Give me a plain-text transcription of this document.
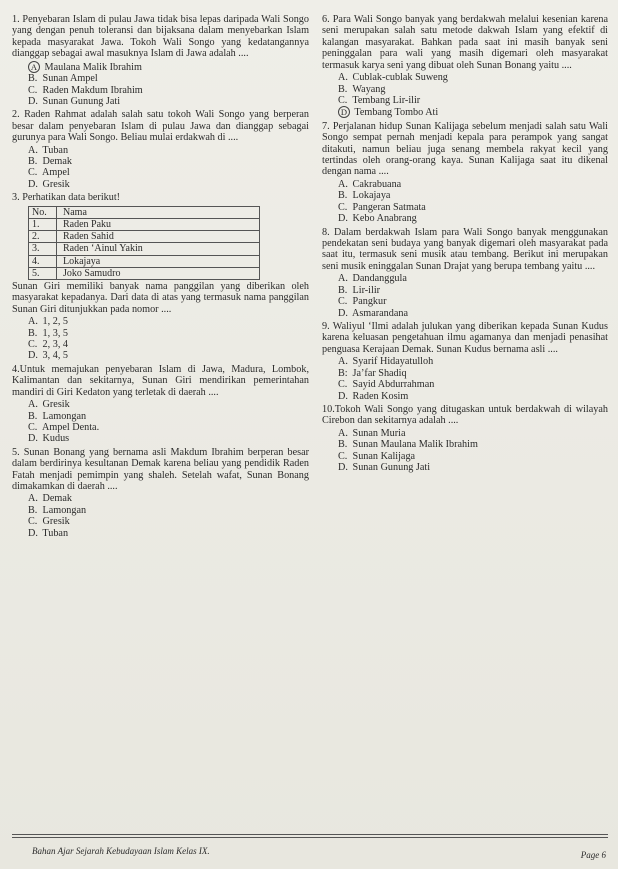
1. Penyebaran Islam di pulau Jawa tidak bisa lepas daripada Wali Songo yang dengan penuh toleransi dan bijaksana dalam menyebarkan Islam kepada masyarakat Jawa. Tokoh Wali Songo yang kedatangannya dianggap sebagai awal masuknya Islam di Jawa adalah ....
A Maulana Malik Ibrahim
B. Sunan Ampel
C. Raden Makdum Ibrahim
D. Sunan Gunung Jati
2. Raden Rahmat adalah salah satu tokoh Wali Songo yang berperan besar dalam penyebaran Islam di pulau Jawa dan dianggap sebagai gurunya para Wali Songo. Beliau mulai erdakwah di ....
A. Tuban
B. Demak
C. Ampel
D. Gresik
3. Perhatikan data berikut!
No.	Nama
1.	Raden Paku
2.	Raden Sahid
3.	Raden ‘Ainul Yakin
4.	Lokajaya
5.	Joko Samudro
Sunan Giri memiliki banyak nama panggilan yang diberikan oleh masyarakat kepadanya. Dari data di atas yang termasuk nama panggilan Sunan Giri ditunjukkan pada nomor ....
A. 1, 2, 5
B. 1, 3, 5
C. 2, 3, 4
D. 3, 4, 5
4.Untuk memajukan penyebaran Islam di Jawa, Madura, Lombok, Kalimantan dan sekitarnya, Sunan Giri mendirikan pemerintahan mandiri di Giri Kedaton yang terletak di daerah ....
A. Gresik
B. Lamongan
C. Ampel Denta.
D. Kudus
5. Sunan Bonang yang bernama asli Makdum Ibrahim berperan besar dalam berdirinya kesultanan Demak karena beliau yang pendidik Raden Fatah menjadi pemimpin yang shaleh. Setelah wafat, Sunan Bonang dimakamkan di daerah ....
A. Demak
B. Lamongan
C. Gresik
D. Tuban
6. Para Wali Songo banyak yang berdakwah melalui kesenian karena seni merupakan salah satu metode dakwah Islam yang efektif di kalangan masyarakat. Bahkan pada saat ini masih banyak seni peninggalan para wali yang masih digemari oleh masyarakat termasuk karya seni yang dibuat oleh Sunan Bonang yaitu ....
A. Cublak-cublak Suweng
B. Wayang
C. Tembang Lir-ilir
D Tembang Tombo Ati
7. Perjalanan hidup Sunan Kalijaga sebelum menjadi salah satu Wali Songo sempat pernah menjadi kepala para perampok yang sangat ditakuti, namun beliau juga senang membela rakyat kecil yang tertindas oleh orang-orang kaya. Sunan Kalijaga saat itu dikenal dengan nama ....
A. Cakrabuana
B. Lokajaya
C. Pangeran Satmata
D. Kebo Anabrang
8. Dalam berdakwah Islam para Wali Songo banyak menggunakan pendekatan seni budaya yang banyak digemari oleh masyarakat pada saat itu, termasuk seni musik atau tembang. Berikut ini merupakan seni musik eninggalan Sunan Drajat yang berupa tembang yaitu ....
A. Dandanggula
B. Lir-ilir
C. Pangkur
D. Asmarandana
9. Waliyul ‘Ilmi adalah julukan yang diberikan kepada Sunan Kudus karena keluasan pengetahuan ilmu agamanya dan menjadi penasihat penguasa Kerajaan Demak. Sunan Kudus bernama asli ....
A. Syarif Hidayatulloh
B: Ja’far Shadiq
C. Sayid Abdurrahman
D. Raden Kosim
10.Tokoh Wali Songo yang ditugaskan untuk berdakwah di wilayah Cirebon dan sekitarnya adalah ....
A. Sunan Muria
B. Sunan Maulana Malik Ibrahim
C. Sunan Kalijaga
D. Sunan Gunung Jati
Bahan Ajar Sejarah Kebudayaan Islam Kelas IX.	Page 6
